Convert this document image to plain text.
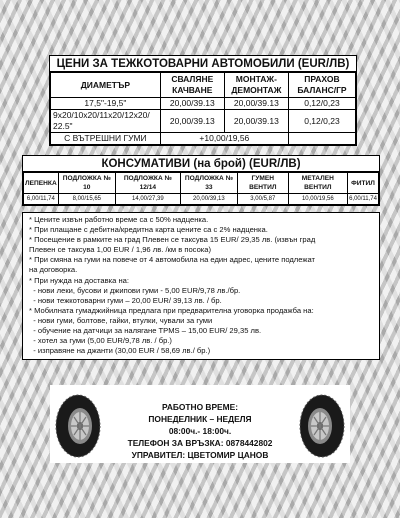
ЦЕНИ ЗА ТЕЖКОТОВАРНИ АВТОМОБИЛИ (EUR/ЛВ)
ДИАМЕТЪР	СВАЛЯНЕ КАЧВАНЕ	МОНТАЖ-ДЕМОНТАЖ	ПРАХОВ БАЛАНС/ГР
17,5"-19,5"	20,00/39.13	20,00/39.13	0,12/0,23
9x20/10x20/11x20/12x20/ 22.5"	20,00/39.13	20,00/39.13	0,12/0,23
С ВЪТРЕШНИ ГУМИ	+10,00/19,56		
КОНСУМАТИВИ (на брой) (EUR/ЛВ)
ЛЕПЕНКА	ПОДЛОЖКА № 10	ПОДЛОЖКА № 12/14	ПОДЛОЖКА № 33	ГУМЕН ВЕНТИЛ	МЕТАЛЕН ВЕНТИЛ	ФИТИЛ
6,00/11,74	8,00/15,65	14,00/27,39	20,00/39,13	3,00/5,87	10,00/19,56	6,00/11,74
* Цените извън работно време са с 50% надценка.
* При плащане с дебитна/кредитна карта цените са с 2% надценка.
* Посещение в рамките на град Плевен се таксува 15 EUR/ 29,35 лв. (извън град
Плевен се таксува 1,00 EUR / 1,96 лв. /км в посока)
* При смяна на гуми на повече от 4 автомобила на един адрес, цените подлежат
на договорка.
* При нужда на доставка на:
- нови леки, бусови и джипови гуми - 5,00 EUR/9,78 лв./бр.
- нови тежкотоварни гуми – 20,00 EUR/ 39,13 лв. / бр.
* Мобилната гумаджийница предлага при предварителна уговорка продажба на:
- нови гуми, болтове, гайки, втулки, чували за гуми
- обучение на датчици за налягане TPMS – 15,00 EUR/ 29,35 лв.
- хотел за гуми (5,00 EUR/9,78 лв. / бр.)
- изправяне на джанти (30,00 EUR / 58,69 лв./ бр.)
РАБОТНО ВРЕМЕ:
ПОНЕДЕЛНИК – НЕДЕЛЯ
08:00ч.- 18:00ч.
ТЕЛЕФОН ЗА ВРЪЗКА: 0878442802
УПРАВИТЕЛ: ЦВЕТОМИР ЦАНОВ
